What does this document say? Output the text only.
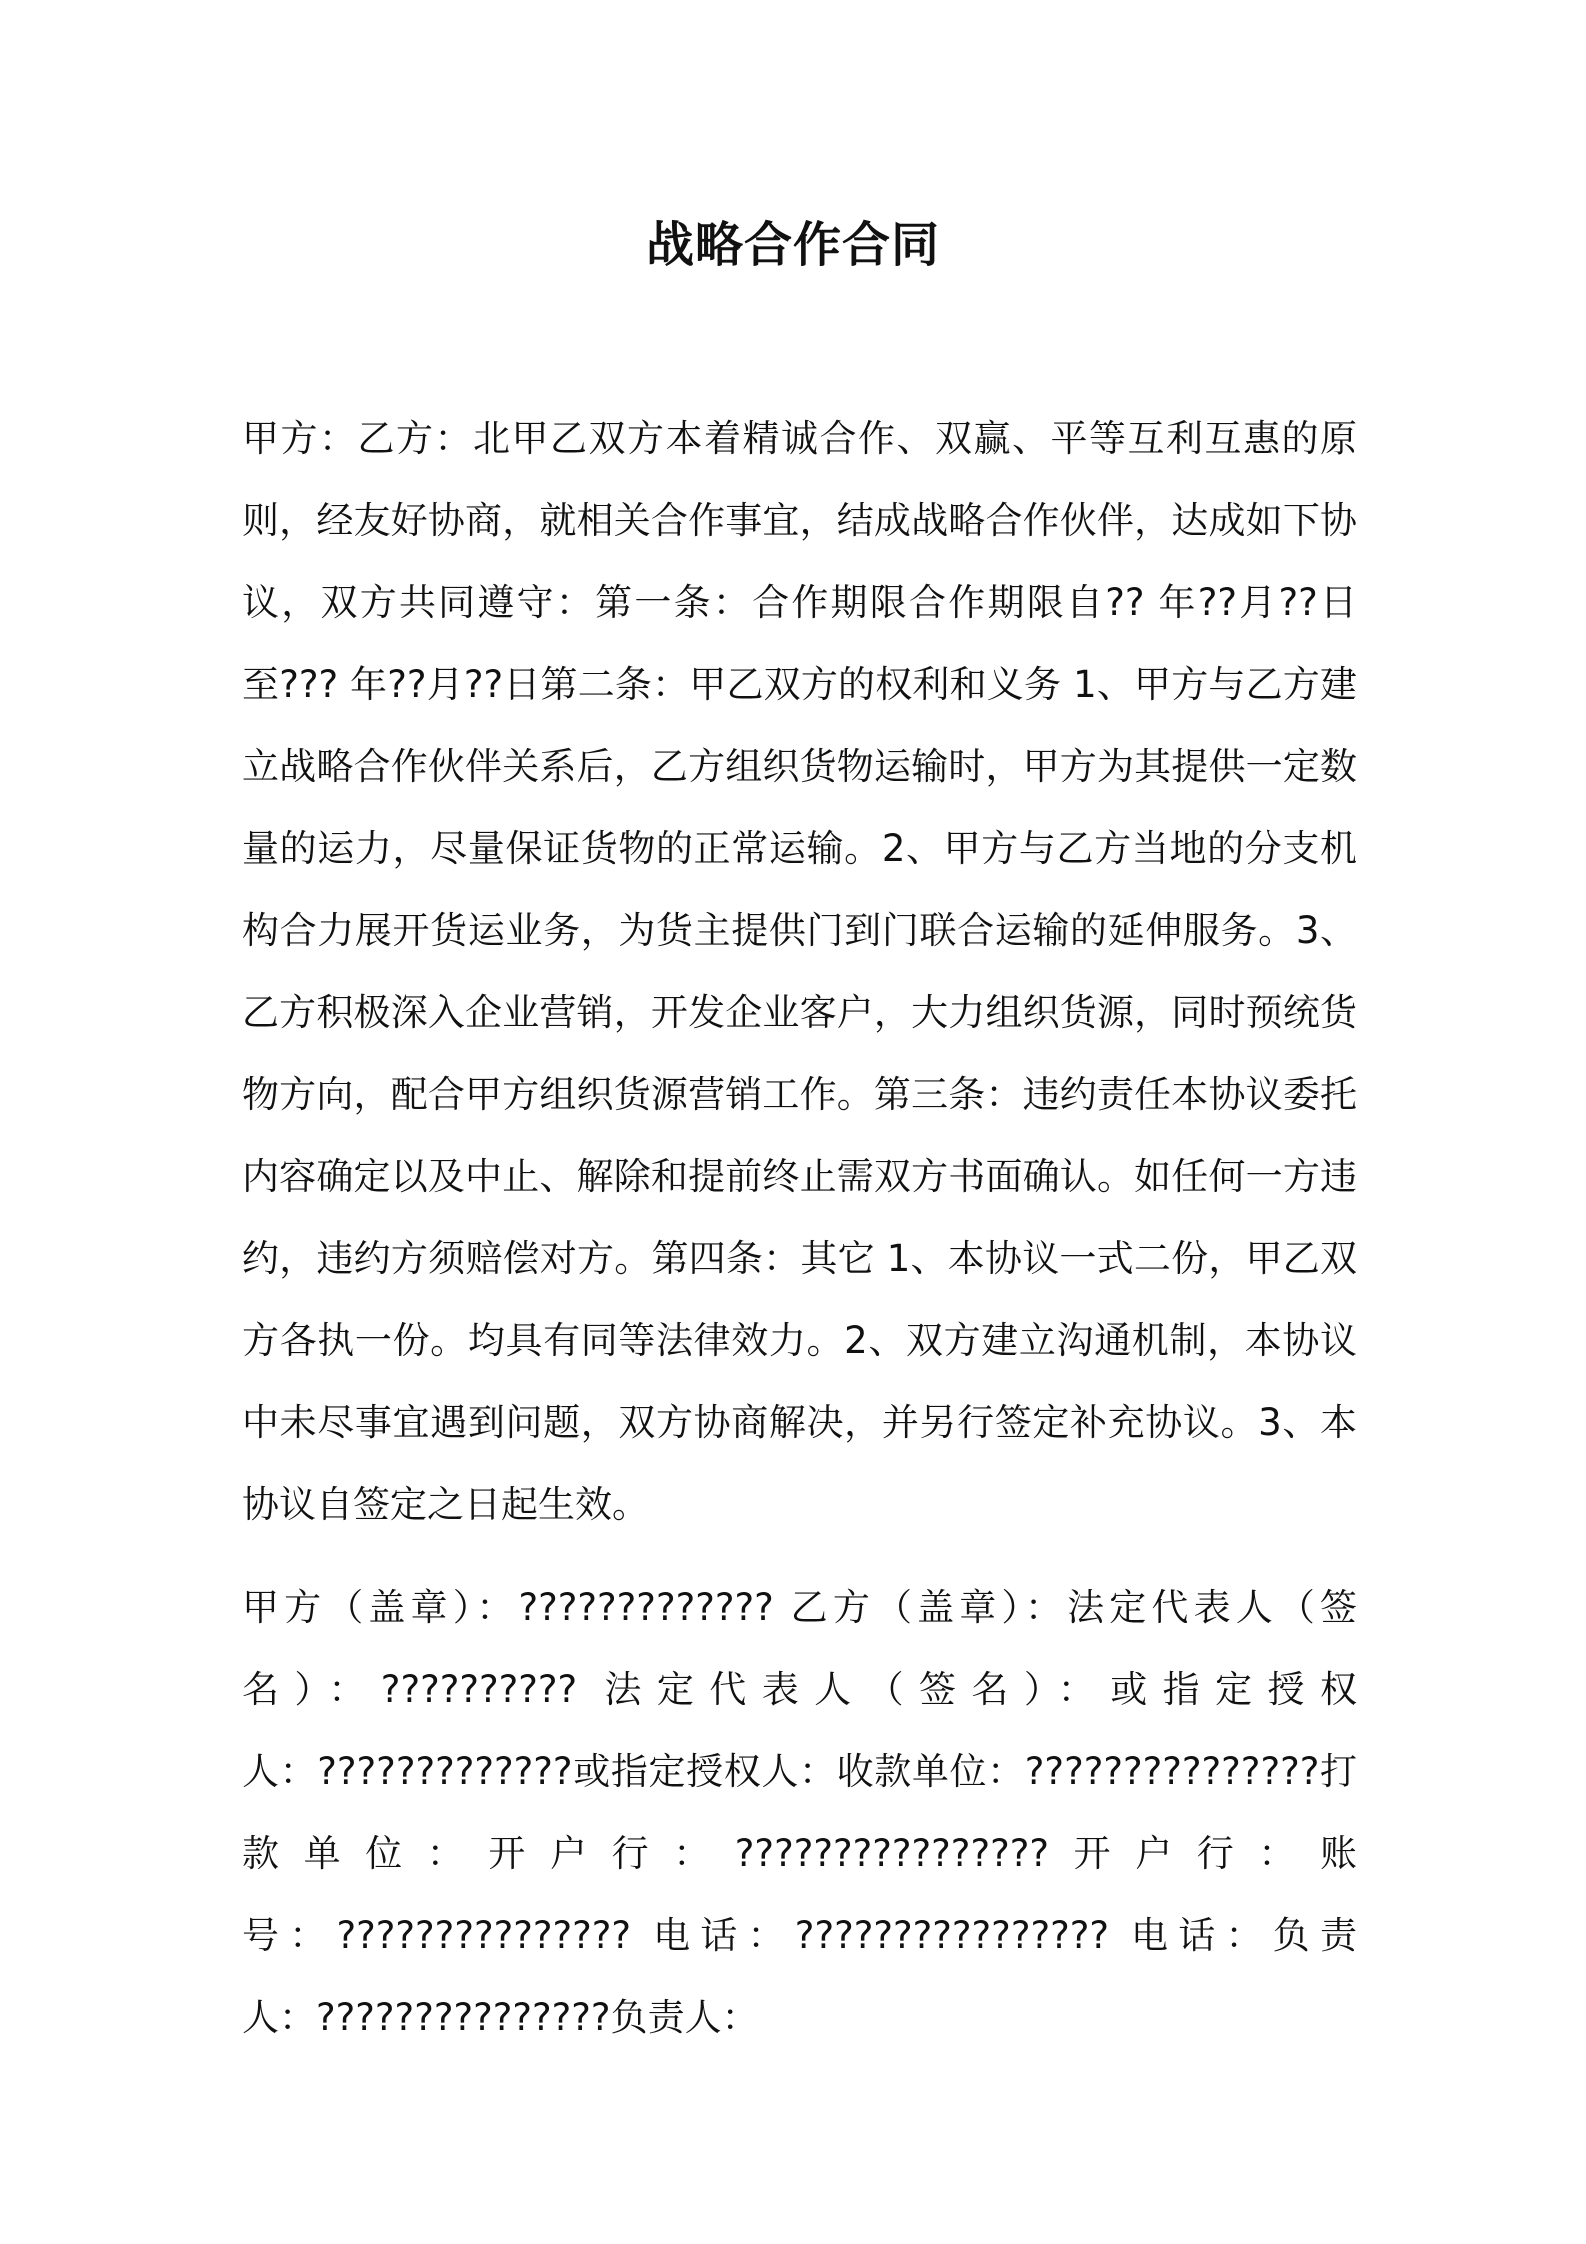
战略合作合同

甲方：乙方：北甲乙双方本着精诚合作、双赢、平等互利互惠的原则，经友好协商，就相关合作事宜，结成战略合作伙伴，达成如下协议，双方共同遵守：第一条：合作期限合作期限自?? 年??月??日至??? 年??月??日第二条：甲乙双方的权利和义务 1、甲方与乙方建立战略合作伙伴关系后，乙方组织货物运输时，甲方为其提供一定数量的运力，尽量保证货物的正常运输。2、甲方与乙方当地的分支机构合力展开货运业务，为货主提供门到门联合运输的延伸服务。3、乙方积极深入企业营销，开发企业客户，大力组织货源，同时预统货物方向，配合甲方组织货源营销工作。第三条：违约责任本协议委托内容确定以及中止、解除和提前终止需双方书面确认。如任何一方违约，违约方须赔偿对方。第四条：其它 1、本协议一式二份，甲乙双方各执一份。均具有同等法律效力。2、双方建立沟通机制，本协议中未尽事宜遇到问题，双方协商解决，并另行签定补充协议。3、本协议自签定之日起生效。

甲方（盖章）：????????????? 乙方（盖章）：法定代表人（签名）：?????????? 法定代表人（签名）：或指定授权人：?????????????或指定授权人：收款单位：???????????????打款单位：开户行：????????????????开户行：账号：??????????????? 电话：???????????????? 电话：负责人：???????????????负责人：
